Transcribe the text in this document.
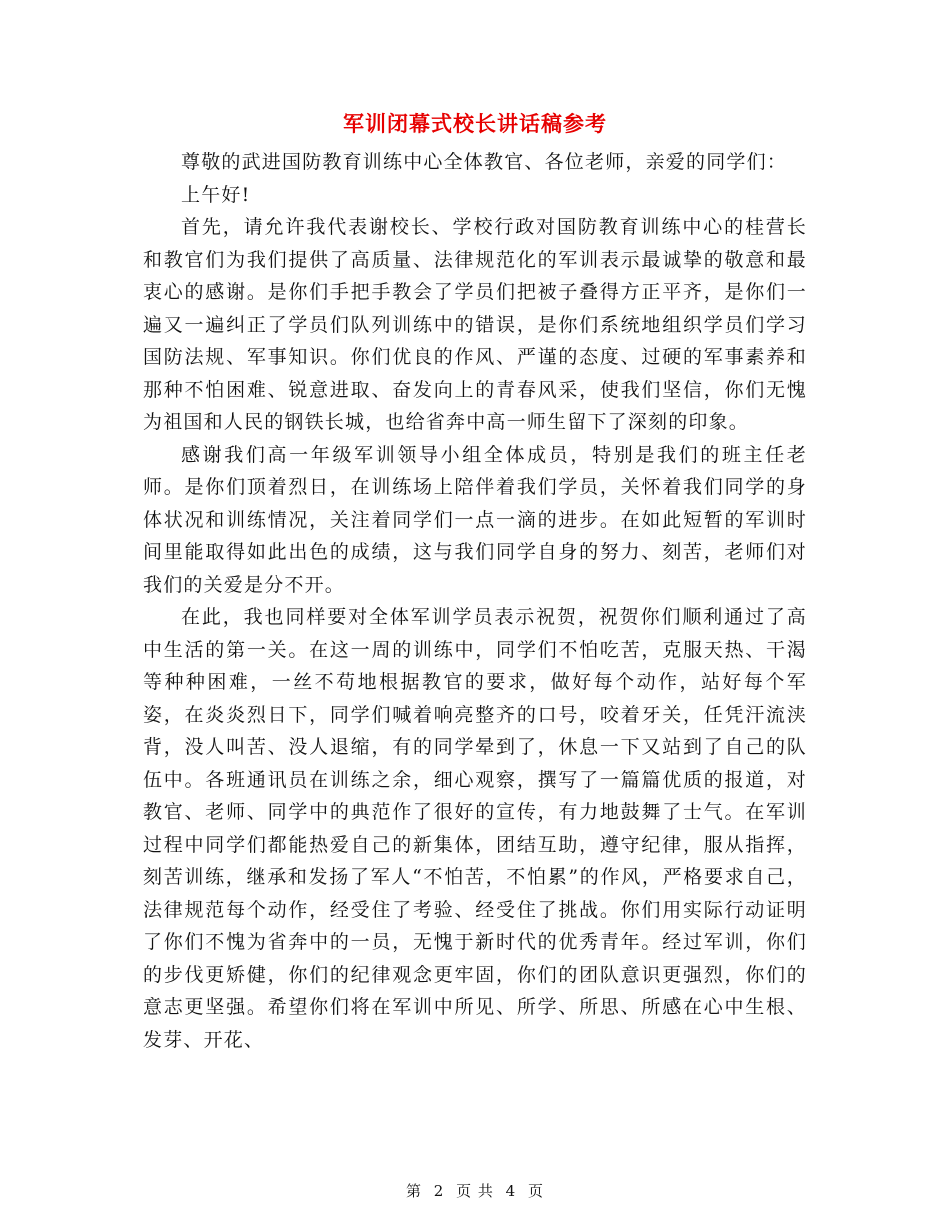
军训闭幕式校长讲话稿参考

尊敬的武进国防教育训练中心全体教官、各位老师，亲爱的同学们：

上午好!

首先，请允许我代表谢校长、学校行政对国防教育训练中心的桂营长和教官们为我们提供了高质量、法律规范化的军训表示最诚挚的敬意和最衷心的感谢。是你们手把手教会了学员们把被子叠得方正平齐，是你们一遍又一遍纠正了学员们队列训练中的错误，是你们系统地组织学员们学习国防法规、军事知识。你们优良的作风、严谨的态度、过硬的军事素养和那种不怕困难、锐意进取、奋发向上的青春风采，使我们坚信，你们无愧为祖国和人民的钢铁长城，也给省奔中高一师生留下了深刻的印象。

感谢我们高一年级军训领导小组全体成员，特别是我们的班主任老师。是你们顶着烈日，在训练场上陪伴着我们学员，关怀着我们同学的身体状况和训练情况，关注着同学们一点一滴的进步。在如此短暂的军训时间里能取得如此出色的成绩，这与我们同学自身的努力、刻苦，老师们对我们的关爱是分不开。

在此，我也同样要对全体军训学员表示祝贺，祝贺你们顺利通过了高中生活的第一关。在这一周的训练中，同学们不怕吃苦，克服天热、干渴等种种困难，一丝不苟地根据教官的要求，做好每个动作，站好每个军姿，在炎炎烈日下，同学们喊着响亮整齐的口号，咬着牙关，任凭汗流浃背，没人叫苦、没人退缩，有的同学晕到了，休息一下又站到了自己的队伍中。各班通讯员在训练之余，细心观察，撰写了一篇篇优质的报道，对教官、老师、同学中的典范作了很好的宣传，有力地鼓舞了士气。在军训过程中同学们都能热爱自己的新集体，团结互助，遵守纪律，服从指挥，刻苦训练，继承和发扬了军人“不怕苦，不怕累”的作风，严格要求自己，法律规范每个动作，经受住了考验、经受住了挑战。你们用实际行动证明了你们不愧为省奔中的一员，无愧于新时代的优秀青年。经过军训，你们的步伐更矫健，你们的纪律观念更牢固，你们的团队意识更强烈，你们的意志更坚强。希望你们将在军训中所见、所学、所思、所感在心中生根、发芽、开花、

第 2 页 共 4 页
